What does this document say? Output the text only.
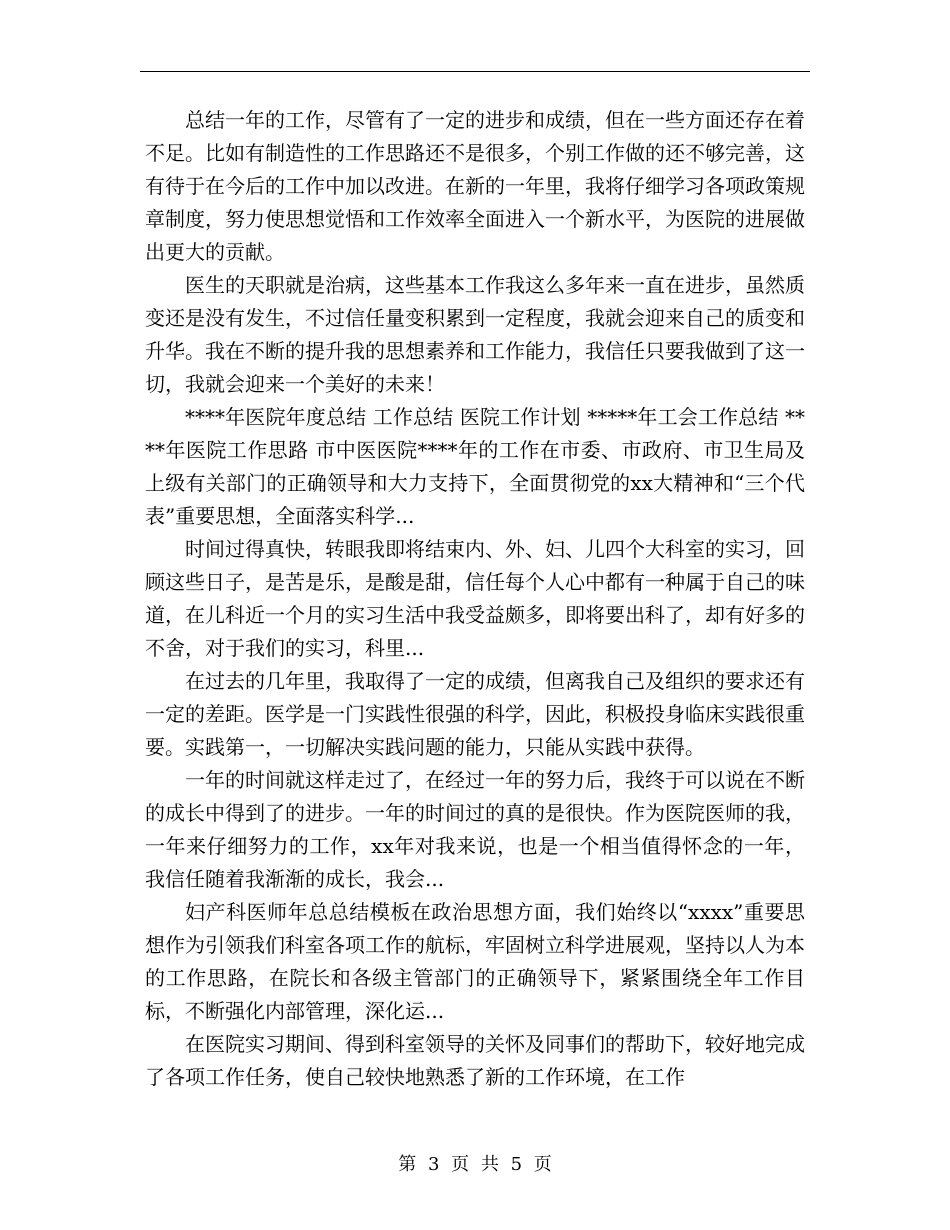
总结一年的工作，尽管有了一定的进步和成绩，但在一些方面还存在着不足。比如有制造性的工作思路还不是很多，个别工作做的还不够完善，这有待于在今后的工作中加以改进。在新的一年里，我将仔细学习各项政策规章制度，努力使思想觉悟和工作效率全面进入一个新水平，为医院的进展做出更大的贡献。

医生的天职就是治病，这些基本工作我这么多年来一直在进步，虽然质变还是没有发生，不过信任量变积累到一定程度，我就会迎来自己的质变和升华。我在不断的提升我的思想素养和工作能力，我信任只要我做到了这一切，我就会迎来一个美好的未来！

****年医院年度总结 工作总结 医院工作计划 *****年工会工作总结 ****年医院工作思路 市中医医院****年的工作在市委、市政府、市卫生局及上级有关部门的正确领导和大力支持下，全面贯彻党的xx大精神和“三个代表”重要思想，全面落实科学...

时间过得真快，转眼我即将结束内、外、妇、儿四个大科室的实习，回顾这些日子，是苦是乐，是酸是甜，信任每个人心中都有一种属于自己的味道，在儿科近一个月的实习生活中我受益颇多，即将要出科了，却有好多的不舍，对于我们的实习，科里...

在过去的几年里，我取得了一定的成绩，但离我自己及组织的要求还有一定的差距。医学是一门实践性很强的科学，因此，积极投身临床实践很重要。实践第一，一切解决实践问题的能力，只能从实践中获得。

一年的时间就这样走过了，在经过一年的努力后，我终于可以说在不断的成长中得到了的进步。一年的时间过的真的是很快。作为医院医师的我，一年来仔细努力的工作，xx年对我来说，也是一个相当值得怀念的一年，我信任随着我渐渐的成长，我会...

妇产科医师年总总结模板在政治思想方面，我们始终以“xxxx”重要思想作为引领我们科室各项工作的航标，牢固树立科学进展观，坚持以人为本的工作思路，在院长和各级主管部门的正确领导下，紧紧围绕全年工作目标，不断强化内部管理，深化运...

在医院实习期间、得到科室领导的关怀及同事们的帮助下，较好地完成了各项工作任务，使自己较快地熟悉了新的工作环境，在工作

第 3 页 共 5 页
